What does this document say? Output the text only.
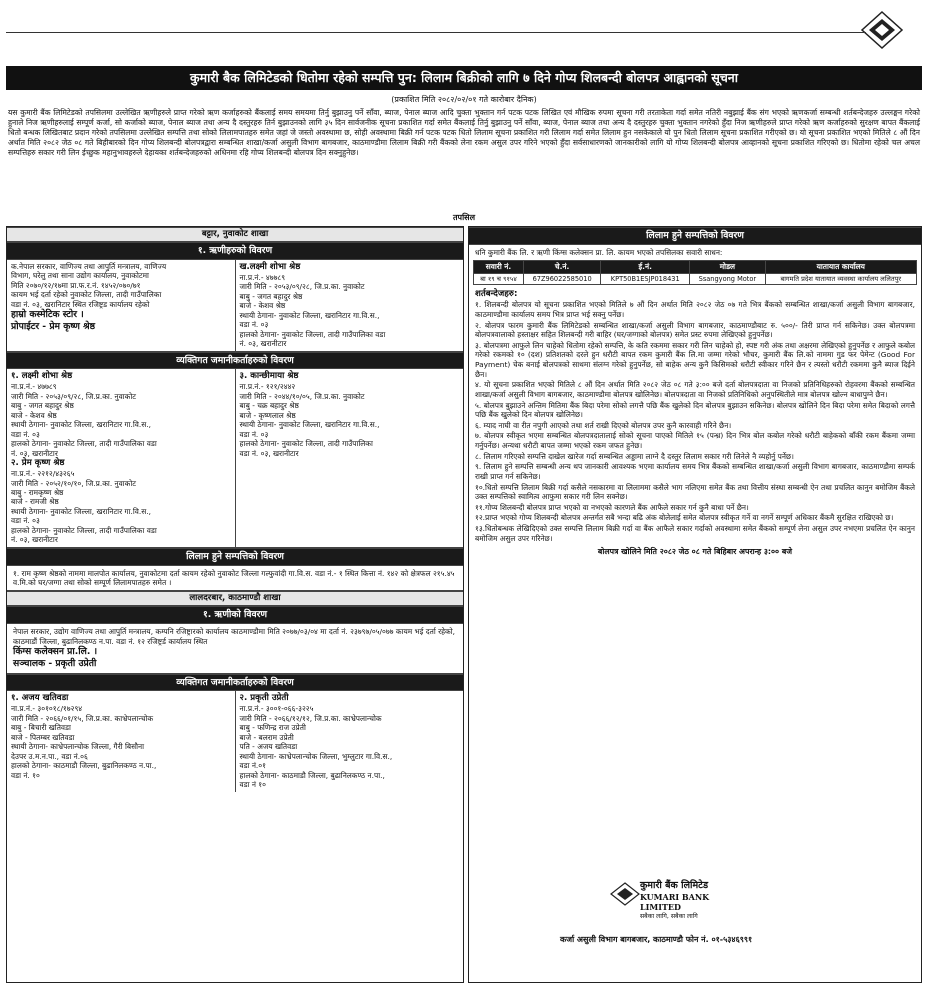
कुमारी बैक लिमिटेडको धितोमा रहेको सम्पत्ति पुन: लिलाम बिक्रीको लागि ७ दिने गोप्य शिलबन्दी बोलपत्र आह्वानको सूचना
(प्रकाशित मिति २०८२/०२/०१ गते कारोबार दैनिक)
यस कुमारी बैंक लिमिटेडको तपसिलमा उल्लेखित ऋणीहरुले प्राप्त गरेको ऋण कर्जाहरुको बैंकलाई समय समयमा तिर्नु बुझाउनु पर्ने साँवा, ब्याज, पेनाल ब्याज आदि चुक्ता भुक्तान गर्न पटक पटक लिखित एवं मौखिक रुपमा सूचना गरी तरताकेता गर्दा समेत नतिरी नबुझाई बैंक संग भएको ऋणकर्जा सम्बन्धी शर्तबन्देजहरु उल्लङ्घन गरेको हुनाले निज ऋणीहरुलाई सम्पूर्ण कर्जा, सो कर्जाको ब्याज, पेनाल ब्याज तथा अन्य दै दस्तुरहरु तिर्न बुझाउनको लागि ३५ दिन सार्वजनीक सूचना प्रकाशित गर्दा समेत बैंकलाई तिर्नु बुझाउनु पर्ने साँवा, ब्याज, पेनाल ब्याज तथा अन्य दै दस्तुरहरु चुक्ता भुक्तान नगरेको हुँदा निज ऋणीहरुले प्राप्त गरेको ऋण कर्जाहरुको सुरक्षण बापत बैंकलाई धितो बन्धक लिखितबाट प्रदान गरेको तपसिलमा उल्लेखित सम्पत्ति तथा सोको लिलामपातहरु समेत जहां जे जस्तो अवस्थामा छ, सोही अवस्थामा बिक्री गर्न पटक पटक धितो लिलाम सूचना प्रकाशित गरी लिलाम गर्दा समेत लिलाम हुन नसकेकाले यो पुन धितो लिलाम सूचना प्रकाशित गरीएको छ। यो सूचना प्रकाशित भएको मितिले ८ औं दिन अर्थात मिति २०८२ जेठ ०८ गते बिहीबारको दिन गोप्य शिलबन्दी बोलपत्रद्वारा सम्बन्धित शाखा/कर्जा असुली विभाग बागबजार, काठमाण्डौमा लिलाम बिक्री गरी बैंकको लेना रकम असुल उपर गरिने भएको हुँदा सर्वसाधारणको जानकारीको लागि यो गोप्य शिलबन्दी बोलपत्र आव्हानको सूचना प्रकाशित गरिएको छ। धितोमा रहेको चल अचल सम्पत्तिहरु सकार गरी लिन ईच्छुक महानुभावहरुले देहायका शर्तबन्देजहरुको अधिनमा रहि गोप्य शिलबन्दी बोलपत्र दिन सक्नुहुनेछ।
तपसिल
बट्टार, नुवाकोट शाखा
१. ऋणीहरुको विवरण
क.नेपाल सरकार, वाणिज्य तथा आपुर्ति मन्त्रालय, वाणिज्य
विभाग, घरेलु तथा साना उद्योग कार्यालय, नुवाकोटमा
मिति २०७०/१२/१७मा प्रा.फ.र.नं. १४५२/०७०/७१
कायम भई दर्ता रहेको नुवाकोट जिल्ला, तादी गाउँपालिका
वडा नं. ०३, खरानिटार स्थित रजिष्ट्रड कार्यालय रहेको
हाम्रो कस्मेटिक स्टोर ।
प्रोपाईटर - प्रेम कृष्ण श्रेष्ठ
ख.लक्ष्मी शोभा श्रेष्ठ
ना.प्र.नं.- ४७७८९
जारी मिति - २०५३/०९/२८, जि.प्र.का. नुवाकोट
बाबु - जगत बहादुर श्रेष्ठ
बाजे - केशव श्रेष्ठ
स्थायी ठेगाना- नुवाकोट जिल्ला, खरानिटार गा.वि.स.,
वडा नं. ०३
हालको ठेगाना- नुवाकोट जिल्ला, तादी गाउँपालिका वडा
नं. ०३, खरानीटार
व्यक्तिगत जमानीकर्ताहरुको विवरण
१. लक्ष्मी शोभा श्रेष्ठ
ना.प्र.नं.- ४७७८९
जारी मिति - २०५३/०९/२८, जि.प्र.का. नुवाकोट
बाबु - जगत बहादुर श्रेष्ठ
बाजे - केशव श्रेष्ठ
स्थायी ठेगाना- नुवाकोट जिल्ला, खरानिटार गा.वि.स.,
वडा नं. ०३
हालको ठेगाना- नुवाकोट जिल्ला, तादी गाउँपालिका वडा
नं. ०३, खरानीटार
२. प्रेम कृष्ण श्रेष्ठ
ना.प्र.नं.- २२१२/४३२६५
जारी मिति - २०५२/१०/१०, जि.प्र.का. नुवाकोट
बाबु - रामकृष्ण श्रेष्ठ
बाजे - रामजी श्रेष्ठ
स्थायी ठेगाना- नुवाकोट जिल्ला, खरानिटार गा.वि.स.,
वडा नं. ०३
हालको ठेगाना- नुवाकोट जिल्ला, तादी गाउँपालिका वडा
नं. ०३, खरानीटार
३. कान्छीमाया श्रेष्ठ
ना.प्र.नं.- १२१/२४४२
जारी मिति - २०४४/१०/०५, जि.प्र.का. नुवाकोट
बाबु - चक्र बहादुर श्रेष्ठ
बाजे - कृष्णलाल श्रेष्ठ
स्थायी ठेगाना- नुवाकोट जिल्ला, खरानिटार गा.वि.स.,
वडा नं. ०३
हालको ठेगाना- नुवाकोट जिल्ला, तादी गाउँपालिका
वडा नं. ०३, खरानीटार
लिलाम हुने सम्पत्तिको विवरण
१. राम कृष्ण श्रेष्ठको नाममा मालपोत कार्यालय, नुवाकोटमा दर्ता कायम रहेको नुवाकोट जिल्ला गल्फुवांदी गा.वि.स. वडा नं.- १ स्थित कित्ता नं. १४२ को क्षेत्रफल २१५.४५ व.मि.को घर/जग्गा तथा सोको सम्पूर्ण लिलामपातहरु समेत ।
लालदरबार, काठमाण्डौ शाखा
१. ऋणीको विवरण
नेपाल सरकार, उद्योग वाणिज्य तथा आपुर्ति मन्त्रालय, कम्पनि रजिष्ट्रारको कार्यालय काठमाण्डौमा मिति २०७७/०३/०४ मा दर्ता नं. २३७९७/०५/०७७ कायम भई दर्ता रहेको, काठमाडौं जिल्ला, बुढानिलकण्ठ न.पा. वडा नं. १२ रजिष्ट्रर्ड कार्यालय स्थित
किंग्स कलेक्सन प्रा.लि. ।
सञ्चालक - प्रकृती उप्रेती
व्यक्तिगत जमानीकर्ताहरुको विवरण
१. अजय खतिवडा
ना.प्र.नं.- ३०१०१८/१७२९४
जारी मिति - २०६६/०१/१५, जि.प्र.का. काभ्रेपलान्चोक
बाबु - बिचारी खतिवडा
बाजे - पितम्बर खतिवडा
स्थायी ठेगाना- काभ्रेपलान्चोक जिल्ला, गैरी बिसौना
देउपर उ.म.न.पा., वडा नं.०६
हालको ठेगाना- काठमाडौ जिल्ला, बुढानिलकण्ठ न.पा.,
वडा नं. १०
२. प्रकृती उप्रेती
ना.प्र.नं.- ३००१-०६६-३२२५
जारी मिति - २०६६/१२/१२, जि.प्र.का. काभ्रेपलान्चोक
बाबु - फणिन्द्र राज उप्रेती
बाजे - बलराम उप्रेती
पति - अजय खतिवडा
स्थायी ठेगाना- काभ्रेपलान्चोक जिल्ला, भुम्लुटार गा.वि.स.,
वडा नं.०१
हालको ठेगाना- काठमाडौ जिल्ला, बुढानिलकण्ठ न.पा.,
वडा नं १०
लिलाम हुने सम्पत्तिको विवरण
धनि कुमारी बैंक लि. र ऋणी किंग्स कलेक्सन प्रा. लि. कायम भएको तपसिलका सवारी साधन:
सवारी नं.	चे.नं.	ई.नं.	मोडल	यातायात कार्यालय
बा १९ च ९१५४	67Z96022585010	KPT50B1ESJP018431	Ssangyong Motor	बागमति प्रदेश यातायात व्यवस्था कार्यालय ललितपुर
शर्तबन्देजहरु:
१. शिलबन्दी बोलपत्र यो सूचना प्रकाशित भएको मितिले ७ औं दिन अर्थात मिति २०८२ जेठ ०७ गते भित्र बैंकको सम्बन्धित शाखा/कर्जा असुली विभाग बागबजार, काठमाण्डौमा कार्यालय समय भित्र प्राप्त भई सक्नु पर्नेछ।
२. बोलपत्र फारम कुमारी बैंक लिमिटेडको सम्बन्धित शाखा/कर्जा असुली विभाग बागबजार, काठमाण्डौबाट रु. ५००/- तिरी प्राप्त गर्न सकिनेछ। उक्त बोलपत्रमा बोलपत्रवालाको हस्ताक्षर सहित शिलबन्दी गरी बाहिर (घर/जग्गाको बोलपत्र) समेत प्रस्ट रुपमा लेखिएको हुनुपर्नेछ।
३. बोलपत्रमा आफुले लिन चाहेको धितोमा रहेको सम्पत्ति, के कति रकममा सकार गरी लिन चाहेको हो, स्पष्ट गरी अंक तथा अक्षरमा लेखिएको हुनुपर्नेछ र आफुले कबोल गरेको रकमको १० (दश) प्रतिशतको दरले हुन धरौटी बापत रकम कुमारी बैंक लि.मा जम्मा गरेको भौचर, कुमारी बैंक लि.को नाममा गुड फर पेमेन्ट (Good For Payment) चेक बनाई बोलपत्रको साथमा संलग्न गरेको हुनुपर्नेछ, सो बाहेक अन्य कुनै किसिमको धरौटी स्वीकार गरिने छैन र त्यस्तो धरौटी रकममा कुनै ब्याज दिईने छैन।
४. यो सूचना प्रकाशित भएको मितिले ८ औं दिन अर्थात मिति २०८२ जेठ ०८ गते ३:०० बजे दर्ता बोलपत्रदाता वा निजको प्रतिनिधिहरुको रोहवरमा बैंकको सम्बन्धित शाखा/कर्जा असुली विभाग बागबजार, काठमाण्डौमा बोलपत्र खोलिनेछ। बोलपत्रदाता वा निजको प्रतिनिधिको अनुपस्थितीले मात्र बोलपत्र खोल्न बाधापुग्ने छैन।
५. बोलपत्र बुझाउने अन्तिम मितिमा बैंक बिदा परेमा सोको लगत्तै पछि बैंक खुलेको दिन बोलपत्र बुझाउन सकिनेछ। बोलपत्र खोलिने दिन बिदा परेमा समेत बिदाको लगत्तै पछि बैंक खुलेको दिन बोलपत्र खोलिनेछ।
६. म्याद नाघी वा रीत नपुगी आएको तथा शर्त राखी दिएको बोलपत्र उपर कुनै कारवाही गरिने छैन।
७. बोलपत्र स्वीकृत भएमा सम्बन्धित बोलपत्रदातालाई सोको सूचना पाएको मितिले १५ (पन्ध्र) दिन भित्र बोल कबोल गरेको धरौटी बाहेकको बाँकी रकम बैंकमा जम्मा गर्नुपर्नेछ। अन्यथा धरौटी बापत जम्मा भएको रकम जफत हुनेछ।
८. लिलाम गरिएको सम्पत्ति दाखेल खारेज गर्दा सम्बन्धित अड्डामा लाग्ने दै दस्तुर लिलाम सकार गरी लिनेले नै व्यहोर्नु पर्नेछ।
९. लिलाम हुने सम्पत्ति सम्बन्धी अन्य थप जानकारी आवश्यक भएमा कार्यालय समय भित्र बैंकको सम्बन्धित शाखा/कर्जा असुली विभाग बागबजार, काठमाण्डौमा सम्पर्क राखी प्राप्त गर्न सकिनेछ।
१०.धितो सम्पत्ति लिलाम बिक्री गर्दा कसैले नसकारमा वा लिलाममा कसैले भाग नलिएमा समेत बैंक तथा वित्तीय संस्था सम्बन्धी ऐन तथा प्रचलित कानुन बमोजिम बैंकले उक्त सम्पत्तिको स्वामित्व आफुमा सकार गरी लिन सक्नेछ।
११.गोप्य शिलबन्दी बोलपत्र प्राप्त भएको वा नभएको कारणले बैंक आफैले सकार गर्न कुनै बाधा पर्ने छैन।
१२.प्राप्त भएको गोप्य शिलबन्दी बोलपत्र अन्तर्गत सबै भन्दा बढि अंक बोलेलाई समेत बोलपत्र स्वीकृत गर्ने वा नगर्ने सम्पूर्ण अधिकार बैंकमै सुरक्षित राखिएको छ।
१३.धितोबन्धक लेखिदिएको उक्त सम्पत्ति लिलाम बिक्री गर्दा वा बैंक आफैले सकार गर्दाको अवस्थामा समेत बैंकको सम्पूर्ण लेना असुल उपर नभएमा प्रचलित ऐन कानुन बमोजिम असुल उपर गरिनेछ।
बोलपत्र खोलिने मिति २०८२ जेठ ०८ गते बिहिबार अपरान्ह ३:०० बजे
कुमारी बैंक लिमिटेड
KUMARI BANK LIMITED
सबैका लागि, सबैका लागि
कर्जा असुली विभाग बागबजार, काठमाण्डौ फोन नं. ०१-५३४६९९१
